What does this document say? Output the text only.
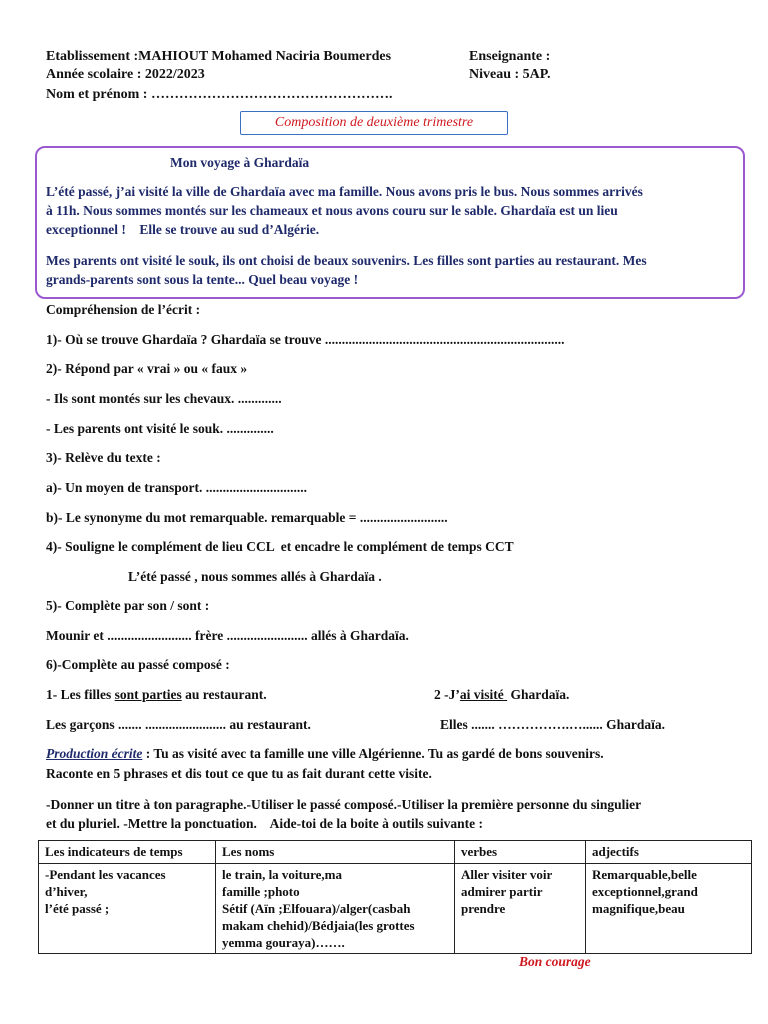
Etablissement :MAHIOUT Mohamed Naciria Boumerdes	Enseignante :
Année scolaire : 2022/2023	Niveau : 5AP.
Nom et prénom : …………………………………………….
Composition de deuxième trimestre
Mon voyage à Ghardaïa
L’été passé, j’ai visité la ville de Ghardaïa avec ma famille. Nous avons pris le bus. Nous sommes arrivés
à 11h. Nous sommes montés sur les chameaux et nous avons couru sur le sable. Ghardaïa est un lieu
exceptionnel !    Elle se trouve au sud d’Algérie.
Mes parents ont visité le souk, ils ont choisi de beaux souvenirs. Les filles sont parties au restaurant. Mes
grands-parents sont sous la tente... Quel beau voyage !
Compréhension de l’écrit :
1)- Où se trouve Ghardaïa ? Ghardaïa se trouve .......................................................................
2)- Répond par « vrai » ou « faux »
- Ils sont montés sur les chevaux. .............
- Les parents ont visité le souk. ..............
3)- Relève du texte :
a)- Un moyen de transport. ..............................
b)- Le synonyme du mot remarquable. remarquable = ..........................
4)- Souligne le complément de lieu CCL  et encadre le complément de temps CCT
L’été passé , nous sommes allés à Ghardaïa .
5)- Complète par son / sont :
Mounir et ......................... frère ........................ allés à Ghardaïa.
6)-Complète au passé composé :
1- Les filles sont parties au restaurant.	2 -J’ai visité  Ghardaïa.
Les garçons ....... ........................ au restaurant.	Elles ....... …………….…...... Ghardaïa.
Production écrite : Tu as visité avec ta famille une ville Algérienne. Tu as gardé de bons souvenirs.
Raconte en 5 phrases et dis tout ce que tu as fait durant cette visite.
-Donner un titre à ton paragraphe.-Utiliser le passé composé.-Utiliser la première personne du singulier
et du pluriel. -Mettre la ponctuation.    Aide-toi de la boite à outils suivante :
Les indicateurs de temps	Les noms	verbes	adjectifs
-Pendant les vacances
d’hiver,
l’été passé ;	le train, la voiture,ma
famille ;photo
Sétif (Aïn ;Elfouara)/alger(casbah
makam chehid)/Bédjaia(les grottes
yemma gouraya)…….	Aller visiter voir
admirer partir
prendre	Remarquable,belle
exceptionnel,grand
magnifique,beau
Bon courage
